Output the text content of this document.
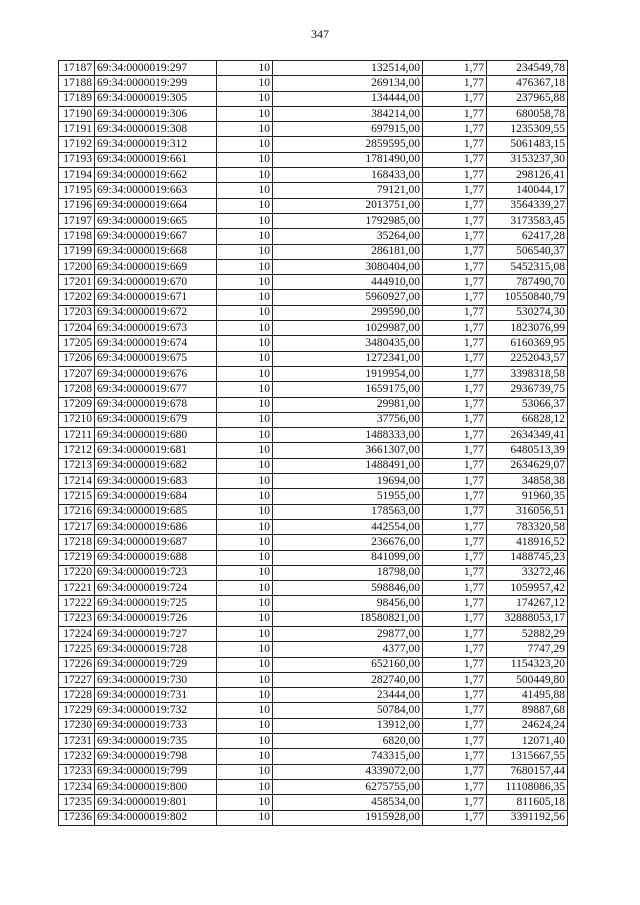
347
17187	69:34:0000019:297	10	132514,00	1,77	234549,78
17188	69:34:0000019:299	10	269134,00	1,77	476367,18
17189	69:34:0000019:305	10	134444,00	1,77	237965,88
17190	69:34:0000019:306	10	384214,00	1,77	680058,78
17191	69:34:0000019:308	10	697915,00	1,77	1235309,55
17192	69:34:0000019:312	10	2859595,00	1,77	5061483,15
17193	69:34:0000019:661	10	1781490,00	1,77	3153237,30
17194	69:34:0000019:662	10	168433,00	1,77	298126,41
17195	69:34:0000019:663	10	79121,00	1,77	140044,17
17196	69:34:0000019:664	10	2013751,00	1,77	3564339,27
17197	69:34:0000019:665	10	1792985,00	1,77	3173583,45
17198	69:34:0000019:667	10	35264,00	1,77	62417,28
17199	69:34:0000019:668	10	286181,00	1,77	506540,37
17200	69:34:0000019:669	10	3080404,00	1,77	5452315,08
17201	69:34:0000019:670	10	444910,00	1,77	787490,70
17202	69:34:0000019:671	10	5960927,00	1,77	10550840,79
17203	69:34:0000019:672	10	299590,00	1,77	530274,30
17204	69:34:0000019:673	10	1029987,00	1,77	1823076,99
17205	69:34:0000019:674	10	3480435,00	1,77	6160369,95
17206	69:34:0000019:675	10	1272341,00	1,77	2252043,57
17207	69:34:0000019:676	10	1919954,00	1,77	3398318,58
17208	69:34:0000019:677	10	1659175,00	1,77	2936739,75
17209	69:34:0000019:678	10	29981,00	1,77	53066,37
17210	69:34:0000019:679	10	37756,00	1,77	66828,12
17211	69:34:0000019:680	10	1488333,00	1,77	2634349,41
17212	69:34:0000019:681	10	3661307,00	1,77	6480513,39
17213	69:34:0000019:682	10	1488491,00	1,77	2634629,07
17214	69:34:0000019:683	10	19694,00	1,77	34858,38
17215	69:34:0000019:684	10	51955,00	1,77	91960,35
17216	69:34:0000019:685	10	178563,00	1,77	316056,51
17217	69:34:0000019:686	10	442554,00	1,77	783320,58
17218	69:34:0000019:687	10	236676,00	1,77	418916,52
17219	69:34:0000019:688	10	841099,00	1,77	1488745,23
17220	69:34:0000019:723	10	18798,00	1,77	33272,46
17221	69:34:0000019:724	10	598846,00	1,77	1059957,42
17222	69:34:0000019:725	10	98456,00	1,77	174267,12
17223	69:34:0000019:726	10	18580821,00	1,77	32888053,17
17224	69:34:0000019:727	10	29877,00	1,77	52882,29
17225	69:34:0000019:728	10	4377,00	1,77	7747,29
17226	69:34:0000019:729	10	652160,00	1,77	1154323,20
17227	69:34:0000019:730	10	282740,00	1,77	500449,80
17228	69:34:0000019:731	10	23444,00	1,77	41495,88
17229	69:34:0000019:732	10	50784,00	1,77	89887,68
17230	69:34:0000019:733	10	13912,00	1,77	24624,24
17231	69:34:0000019:735	10	6820,00	1,77	12071,40
17232	69:34:0000019:798	10	743315,00	1,77	1315667,55
17233	69:34:0000019:799	10	4339072,00	1,77	7680157,44
17234	69:34:0000019:800	10	6275755,00	1,77	11108086,35
17235	69:34:0000019:801	10	458534,00	1,77	811605,18
17236	69:34:0000019:802	10	1915928,00	1,77	3391192,56
